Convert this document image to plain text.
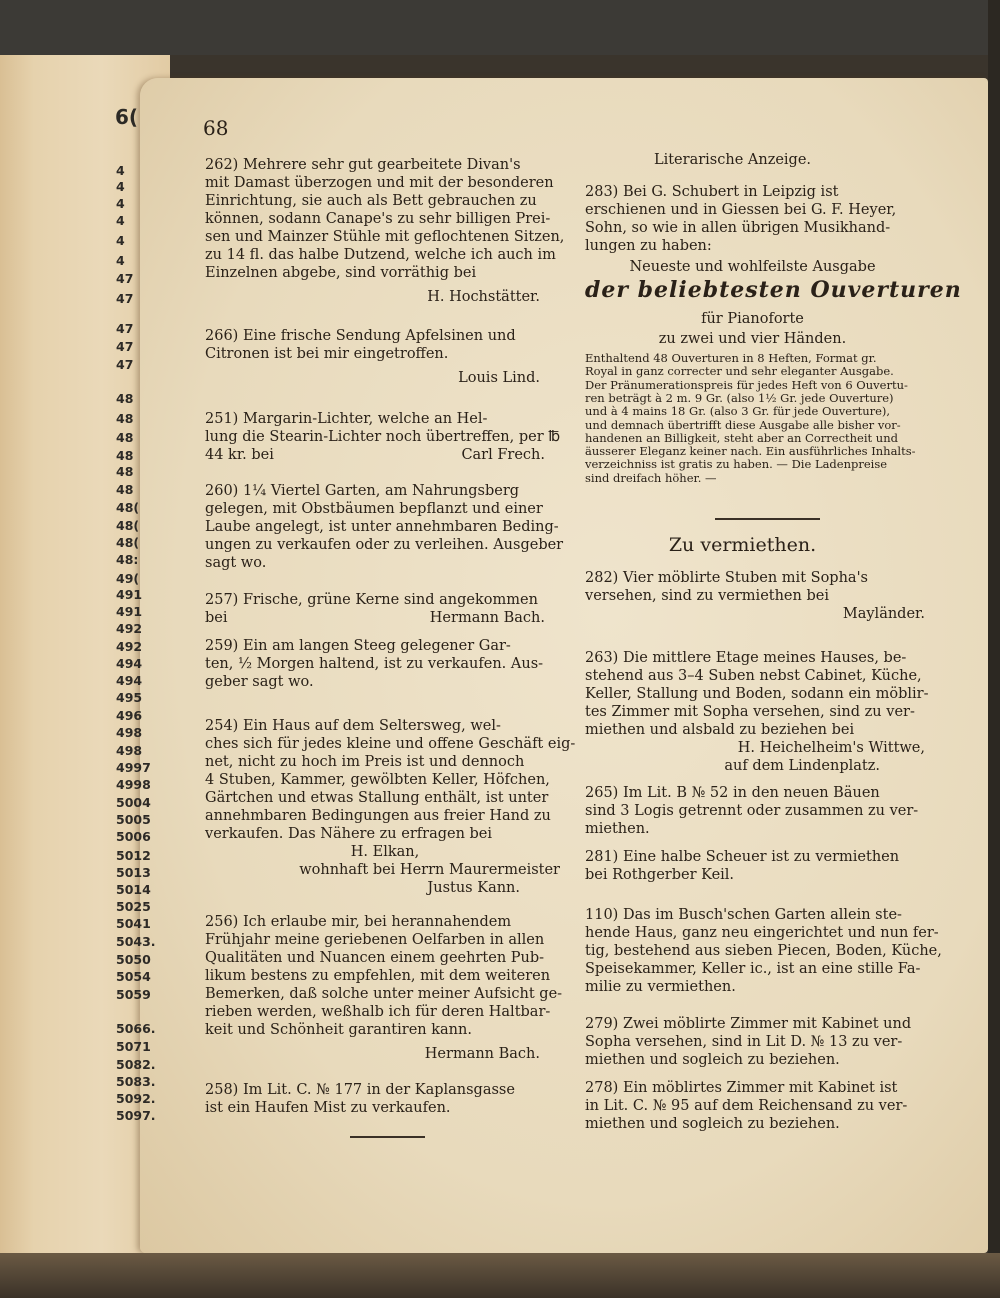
6(
4
4
4
4
4
4
47
47
47
47
47
48
48
48
48
48
48
48(
48(
48(
48:
49(
491
491
492
492
494
494
495
496
498
498
4997
4998
5004
5005
5006
5012
5013
5014
5025
5041
5043.
5050
5054
5059
5066.
5071
5082.
5083.
5092.
5097.
68
262) Mehrere sehr gut gearbeitete Divan's
mit Damast überzogen und mit der besonderen
Einrichtung, sie auch als Bett gebrauchen zu
können, sodann Canape's zu sehr billigen Prei-
sen und Mainzer Stühle mit geflochtenen Sitzen,
zu 14 fl. das halbe Dutzend, welche ich auch im
Einzelnen abgebe, sind vorräthig bei
H. Hochstätter.
266) Eine frische Sendung Apfelsinen und
Citronen ist bei mir eingetroffen.
Louis Lind.
251) Margarin-Lichter, welche an Hel-
lung die Stearin-Lichter noch übertreffen, per ℔
44 kr. bei	Carl Frech.
260) 1¼ Viertel Garten, am Nahrungsberg
gelegen, mit Obstbäumen bepflanzt und einer
Laube angelegt, ist unter annehmbaren Beding-
ungen zu verkaufen oder zu verleihen. Ausgeber
sagt wo.
257) Frische, grüne Kerne sind angekommen
bei	Hermann Bach.
259) Ein am langen Steeg gelegener Gar-
ten, ½ Morgen haltend, ist zu verkaufen. Aus-
geber sagt wo.
254) Ein Haus auf dem Seltersweg, wel-
ches sich für jedes kleine und offene Geschäft eig-
net, nicht zu hoch im Preis ist und dennoch
4 Stuben, Kammer, gewölbten Keller, Höfchen,
Gärtchen und etwas Stallung enthält, ist unter
annehmbaren Bedingungen aus freier Hand zu
verkaufen. Das Nähere zu erfragen bei
H. Elkan,
wohnhaft bei Herrn Maurermeister
Justus Kann.
256) Ich erlaube mir, bei herannahendem
Frühjahr meine geriebenen Oelfarben in allen
Qualitäten und Nuancen einem geehrten Pub-
likum bestens zu empfehlen, mit dem weiteren
Bemerken, daß solche unter meiner Aufsicht ge-
rieben werden, weßhalb ich für deren Haltbar-
keit und Schönheit garantiren kann.
Hermann Bach.
258) Im Lit. C. № 177 in der Kaplansgasse
ist ein Haufen Mist zu verkaufen.
Literarische Anzeige.
283) Bei G. Schubert in Leipzig ist
erschienen und in Giessen bei G. F. Heyer,
Sohn, so wie in allen übrigen Musikhand-
lungen zu haben:
Neueste und wohlfeilste Ausgabe
der beliebtesten Ouverturen
für Pianoforte
zu zwei und vier Händen.
Enthaltend 48 Ouverturen in 8 Heften, Format gr.
Royal in ganz correcter und sehr eleganter Ausgabe.
Der Pränumerationspreis für jedes Heft von 6 Ouvertu-
ren beträgt à 2 m. 9 Gr. (also 1½ Gr. jede Ouverture)
und à 4 mains 18 Gr. (also 3 Gr. für jede Ouverture),
und demnach übertrifft diese Ausgabe alle bisher vor-
handenen an Billigkeit, steht aber an Correctheit und
äusserer Eleganz keiner nach. Ein ausführliches Inhalts-
verzeichniss ist gratis zu haben. — Die Ladenpreise
sind dreifach höher. —
Zu vermiethen.
282) Vier möblirte Stuben mit Sopha's
versehen, sind zu vermiethen bei
Mayländer.
263) Die mittlere Etage meines Hauses, be-
stehend aus 3–4 Suben nebst Cabinet, Küche,
Keller, Stallung und Boden, sodann ein möblir-
tes Zimmer mit Sopha versehen, sind zu ver-
miethen und alsbald zu beziehen bei
H. Heichelheim's Wittwe,
auf dem Lindenplatz.
265) Im Lit. B № 52 in den neuen Bäuen
sind 3 Logis getrennt oder zusammen zu ver-
miethen.
281) Eine halbe Scheuer ist zu vermiethen
bei Rothgerber Keil.
110) Das im Busch'schen Garten allein ste-
hende Haus, ganz neu eingerichtet und nun fer-
tig, bestehend aus sieben Piecen, Boden, Küche,
Speisekammer, Keller ic., ist an eine stille Fa-
milie zu vermiethen.
279) Zwei möblirte Zimmer mit Kabinet und
Sopha versehen, sind in Lit D. № 13 zu ver-
miethen und sogleich zu beziehen.
278) Ein möblirtes Zimmer mit Kabinet ist
in Lit. C. № 95 auf dem Reichensand zu ver-
miethen und sogleich zu beziehen.
